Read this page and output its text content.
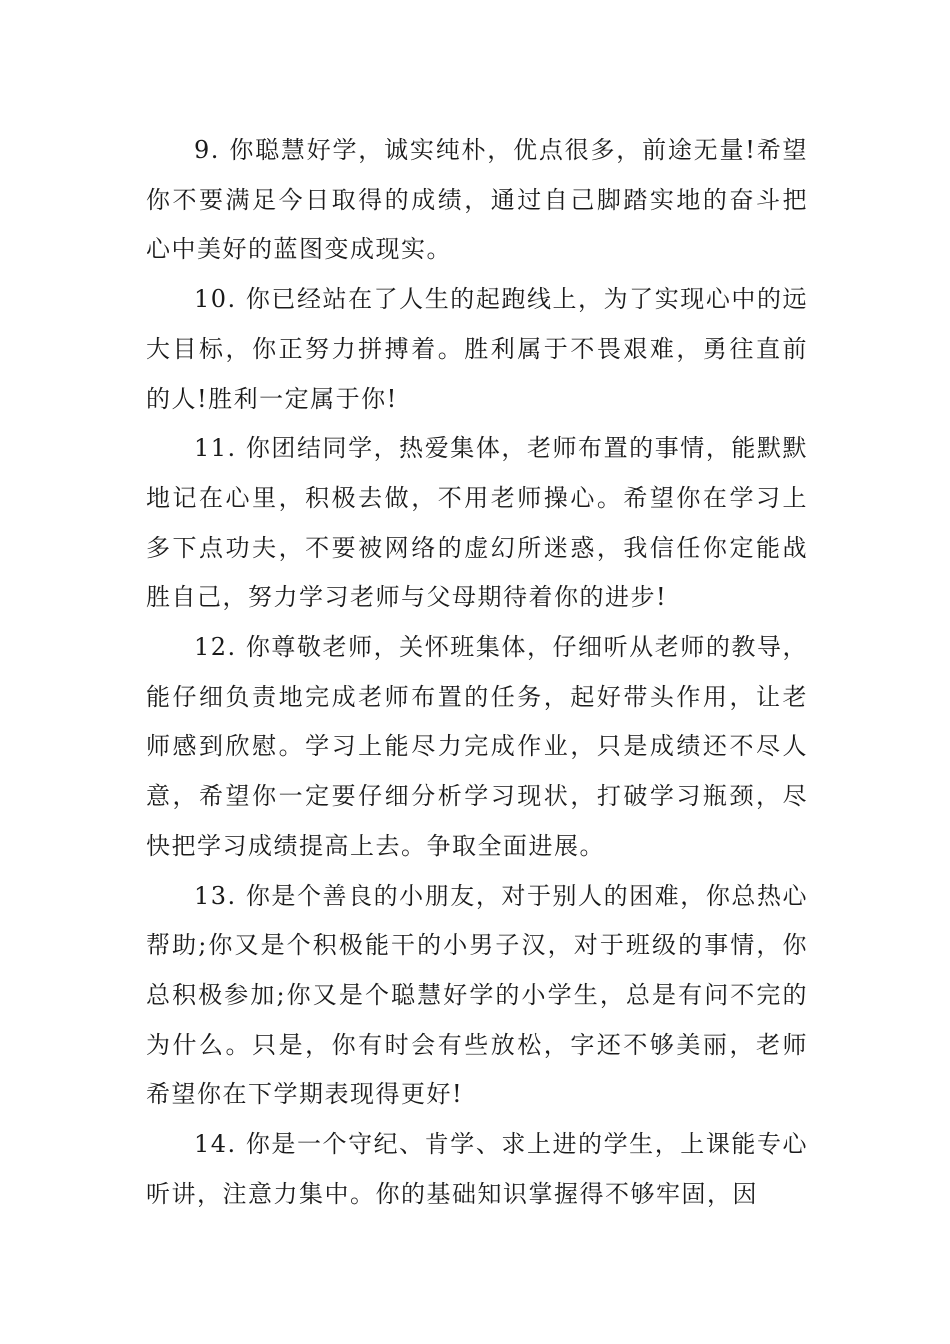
9. 你聪慧好学，诚实纯朴，优点很多，前途无量!希望你不要满足今日取得的成绩，通过自己脚踏实地的奋斗把心中美好的蓝图变成现实。

10. 你已经站在了人生的起跑线上，为了实现心中的远大目标，你正努力拼搏着。胜利属于不畏艰难，勇往直前的人!胜利一定属于你!

11. 你团结同学，热爱集体，老师布置的事情，能默默地记在心里，积极去做，不用老师操心。希望你在学习上多下点功夫，不要被网络的虚幻所迷惑，我信任你定能战胜自己，努力学习老师与父母期待着你的进步!

12. 你尊敬老师，关怀班集体，仔细听从老师的教导，能仔细负责地完成老师布置的任务，起好带头作用，让老师感到欣慰。学习上能尽力完成作业，只是成绩还不尽人意，希望你一定要仔细分析学习现状，打破学习瓶颈，尽快把学习成绩提高上去。争取全面进展。

13. 你是个善良的小朋友，对于别人的困难，你总热心帮助;你又是个积极能干的小男子汉，对于班级的事情，你总积极参加;你又是个聪慧好学的小学生，总是有问不完的为什么。只是，你有时会有些放松，字还不够美丽，老师希望你在下学期表现得更好!

14. 你是一个守纪、肯学、求上进的学生，上课能专心听讲，注意力集中。你的基础知识掌握得不够牢固，因
